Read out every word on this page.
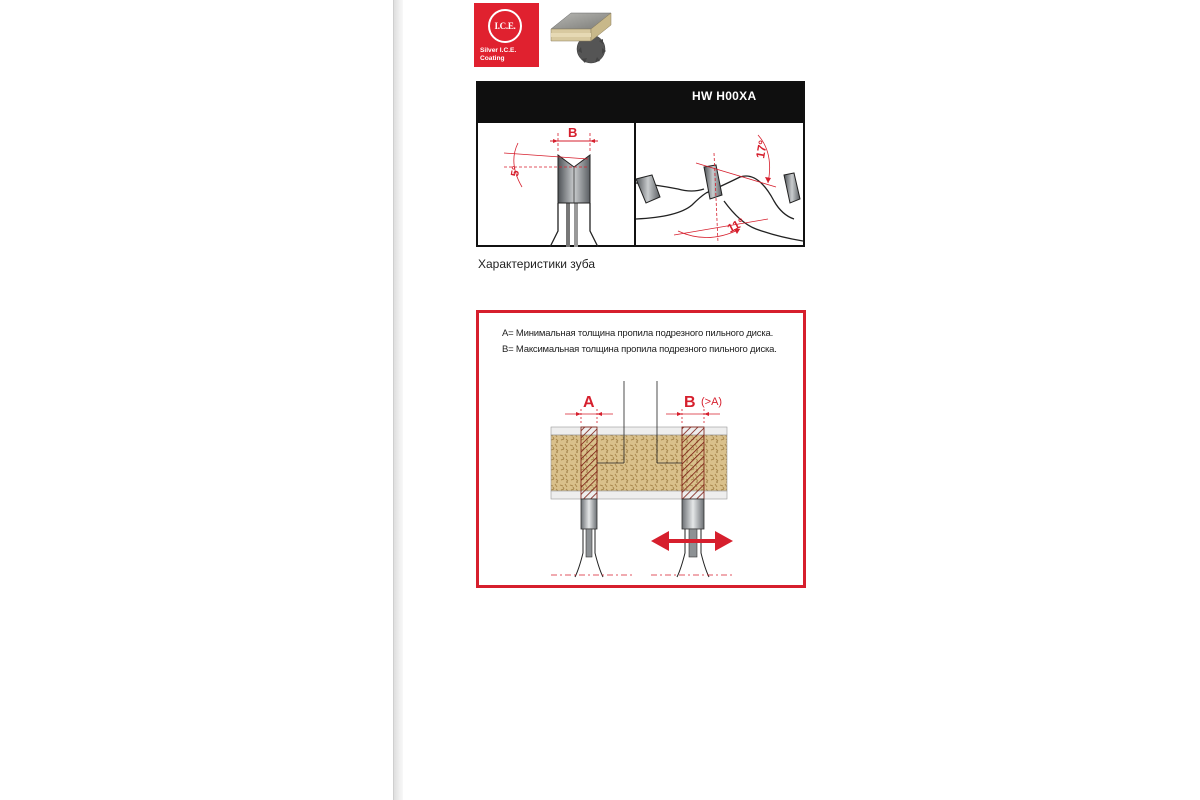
I.C.E.
Silver I.C.E.
Coating
HW H00XA
B
5°
17°
11°
Характеристики зуба
A= Минимальная толщина пропила подрезного пильного диска.
B= Максимальная толщина пропила подрезного пильного диска.
A	B (>A)
